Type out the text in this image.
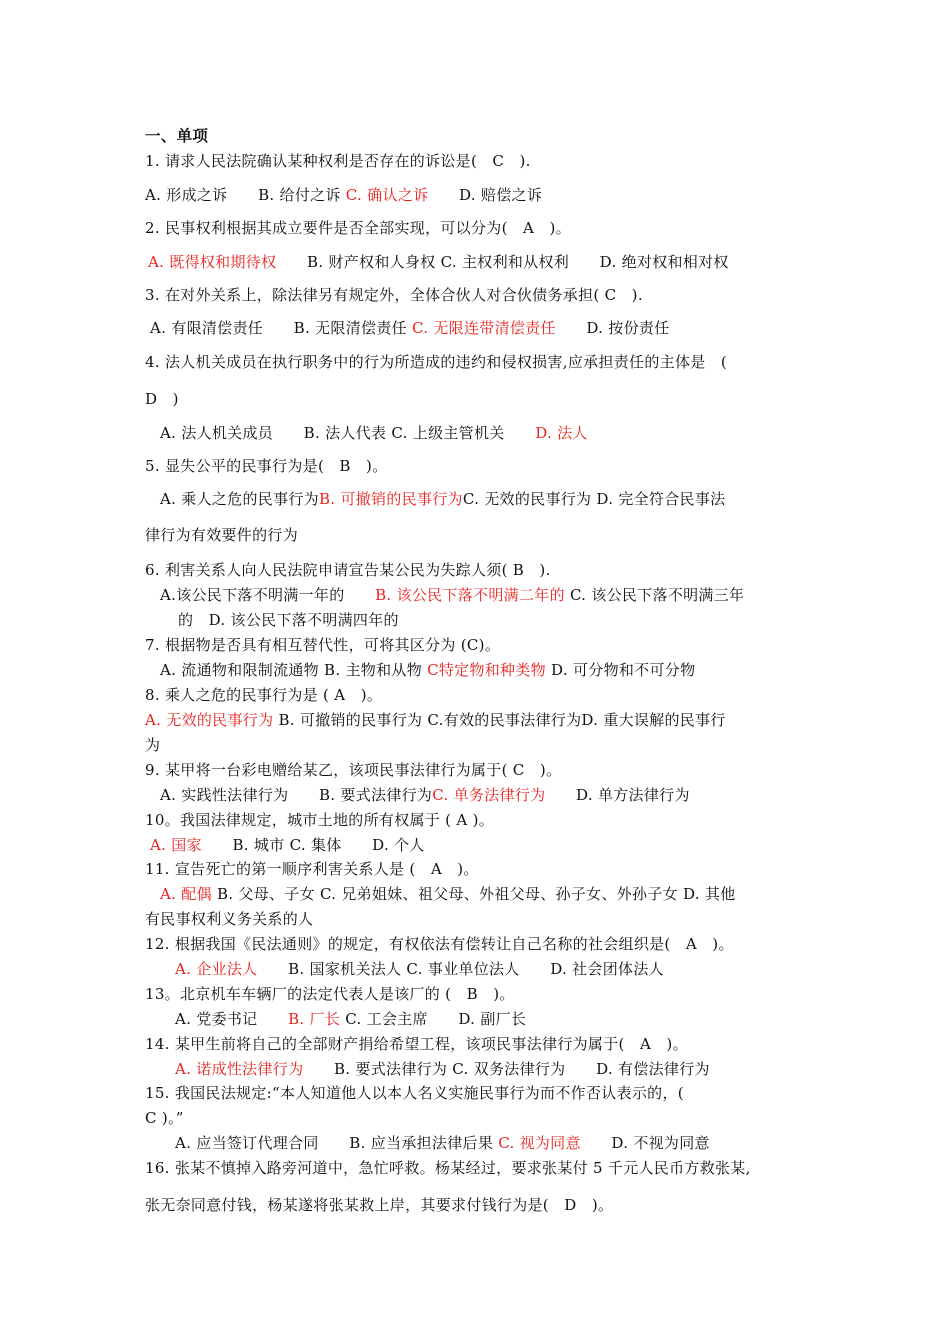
一、单项
1. 请求人民法院确认某种权利是否存在的诉讼是(　C　).
A. 形成之诉　　B. 给付之诉 C. 确认之诉　　D. 赔偿之诉
2. 民事权利根据其成立要件是否全部实现，可以分为(　A　)。
A. 既得权和期待权　　B. 财产权和人身权 C. 主权利和从权利　　D. 绝对权和相对权
3. 在对外关系上，除法律另有规定外，全体合伙人对合伙债务承担( C　).
A. 有限清偿责任　　B. 无限清偿责任 C. 无限连带清偿责任　　D. 按份责任
4. 法人机关成员在执行职务中的行为所造成的违约和侵权损害,应承担责任的主体是　(
D　)
A. 法人机关成员　　B. 法人代表 C. 上级主管机关　　D. 法人
5. 显失公平的民事行为是(　B　)。
A. 乘人之危的民事行为B. 可撤销的民事行为C. 无效的民事行为 D. 完全符合民事法
律行为有效要件的行为
6. 利害关系人向人民法院申请宣告某公民为失踪人须( B　).
A.该公民下落不明满一年的　　B. 该公民下落不明满二年的 C. 该公民下落不明满三年
的　D. 该公民下落不明满四年的
7. 根据物是否具有相互替代性，可将其区分为 (C)。
A. 流通物和限制流通物 B. 主物和从物 C特定物和种类物 D. 可分物和不可分物
8. 乘人之危的民事行为是 ( A　)。
A. 无效的民事行为 B. 可撤销的民事行为 C.有效的民事法律行为D. 重大误解的民事行
为
9. 某甲将一台彩电赠给某乙，该项民事法律行为属于( C　)。
A. 实践性法律行为　　B. 要式法律行为C. 单务法律行为　　D. 单方法律行为
10。我国法律规定，城市土地的所有权属于 ( A )。
A. 国家　　B. 城市 C. 集体　　D. 个人
11. 宣告死亡的第一顺序利害关系人是 (　A　)。
A. 配偶 B. 父母、子女 C. 兄弟姐妹、祖父母、外祖父母、孙子女、外孙子女 D. 其他
有民事权利义务关系的人
12. 根据我国《民法通则》的规定，有权依法有偿转让自己名称的社会组织是(　A　)。
A. 企业法人　　B. 国家机关法人 C. 事业单位法人　　D. 社会团体法人
13。北京机车车辆厂的法定代表人是该厂的 (　B　)。
A. 党委书记　　B. 厂长 C. 工会主席　　D. 副厂长
14. 某甲生前将自己的全部财产捐给希望工程，该项民事法律行为属于(　A　)。
A. 诺成性法律行为　　B. 要式法律行为 C. 双务法律行为　　D. 有偿法律行为
15. 我国民法规定:“本人知道他人以本人名义实施民事行为而不作否认表示的，(
C )。”
A. 应当签订代理合同　　B. 应当承担法律后果 C. 视为同意　　D. 不视为同意
16. 张某不慎掉入路旁河道中，急忙呼救。杨某经过，要求张某付 5 千元人民币方救张某,
张无奈同意付钱，杨某遂将张某救上岸，其要求付钱行为是(　D　)。
